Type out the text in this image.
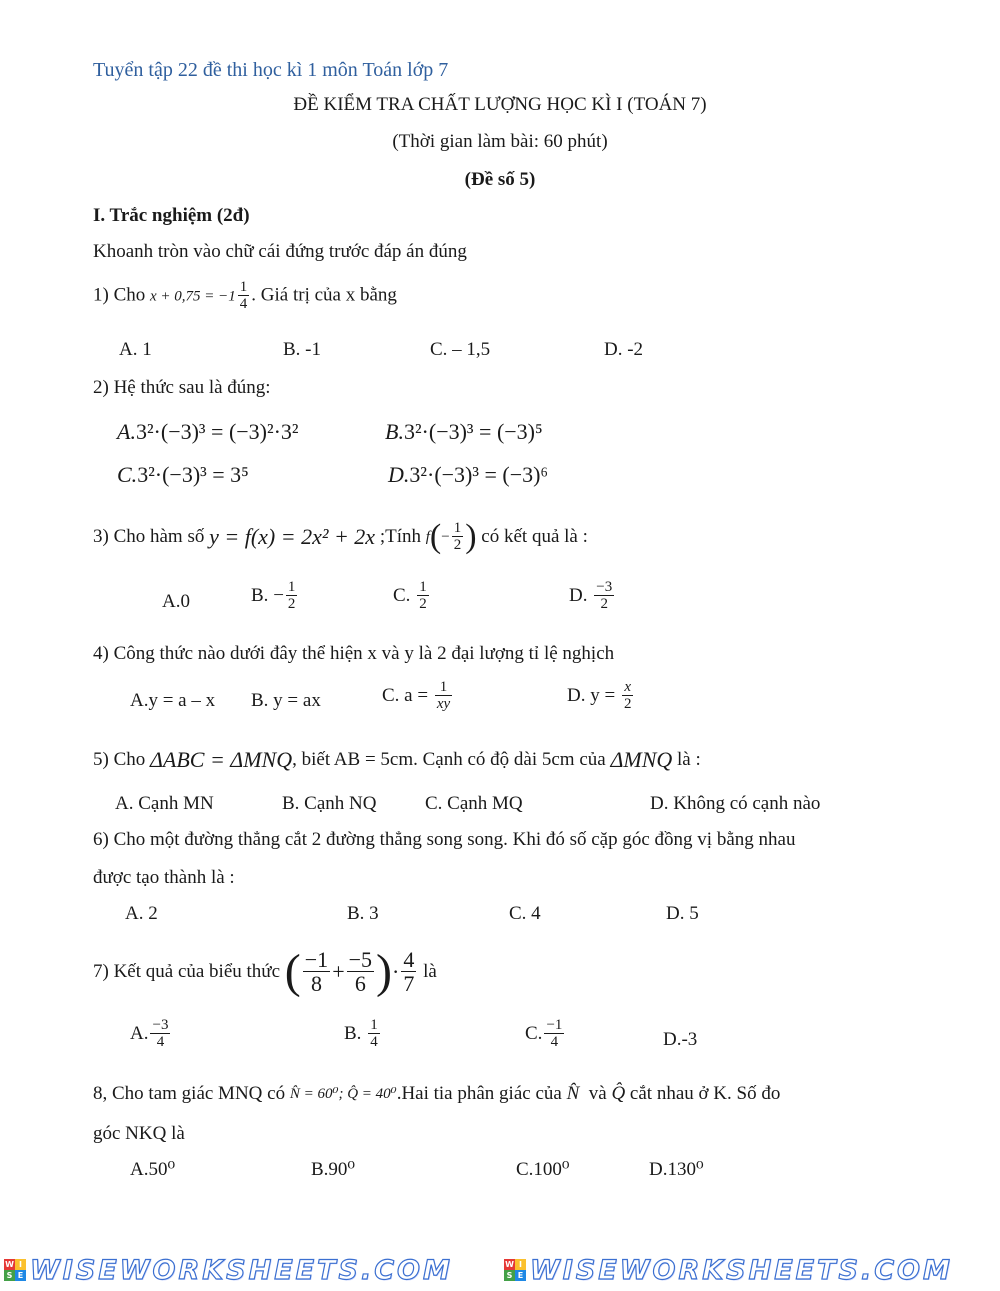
Tuyển tập 22 đề thi học kì 1 môn Toán lớp 7
ĐỀ KIỂM TRA CHẤT LƯỢNG HỌC KÌ I (TOÁN 7)
(Thời gian làm bài: 60 phút)
(Đề số 5)
I. Trắc nghiệm (2đ)
Khoanh tròn vào chữ cái đứng trước đáp án đúng
1) Cho $x + 0,75 = -1 \frac{1}{4}$ . Giá trị của x bằng
A. 1	B. -1	C. – 1,5	D. -2
2) Hệ thức sau là đúng:
A.3²·(−3)³ = (−3)²·3²	B.3²·(−3)³ = (−3)⁵
C.3²·(−3)³ = 3⁵	D.3²·(−3)³ = (−3)⁶
3) Cho hàm số
y = f(x) = 2x² + 2x
;Tính
f ( − $\frac{1}{2}$ )
có kết quả là :
A.0	B.
− $\frac{1}{2}$	C.
$\frac{1}{2}$	D.
$\frac{-3}{2}$
4) Công thức nào dưới đây thể hiện x và y là 2 đại lượng tỉ lệ nghịch
A.y = a – x B. y = ax	C. a =
$\frac{1}{xy}$	D. y =
$\frac{x}{2}$
5) Cho
ΔABC = ΔMNQ , biết AB = 5cm. Cạnh có độ dài 5cm của
ΔMNQ
là :
A. Cạnh MN	B. Cạnh NQ	C. Cạnh MQ	D. Không có cạnh nào
6) Cho một đường thẳng cắt 2 đường thẳng song song. Khi đó số cặp góc đồng vị bằng nhau
được tạo thành là :
A. 2	B. 3	C. 4	D. 5
7) Kết quả của biểu thức
( $\frac{-1}{8} + \frac{-5}{6}$ ) · $\frac{4}{7}$
là
A. $\frac{-3}{4}$	B.
$\frac{1}{4}$	C. $\frac{-1}{4}$	D.-3
8, Cho tam giác MNQ có
N̂ = 60⁰; Q̂ = 40⁰ .Hai tia phân giác của
N̂
và
Q̂
cắt nhau ở K. Số đo
góc NKQ là
A.50⁰	B.90⁰	C.100⁰	D.130⁰
W I
S E WISEWORKSHEETS.COM	W I
S E WISEWORKSHEETS.COM
